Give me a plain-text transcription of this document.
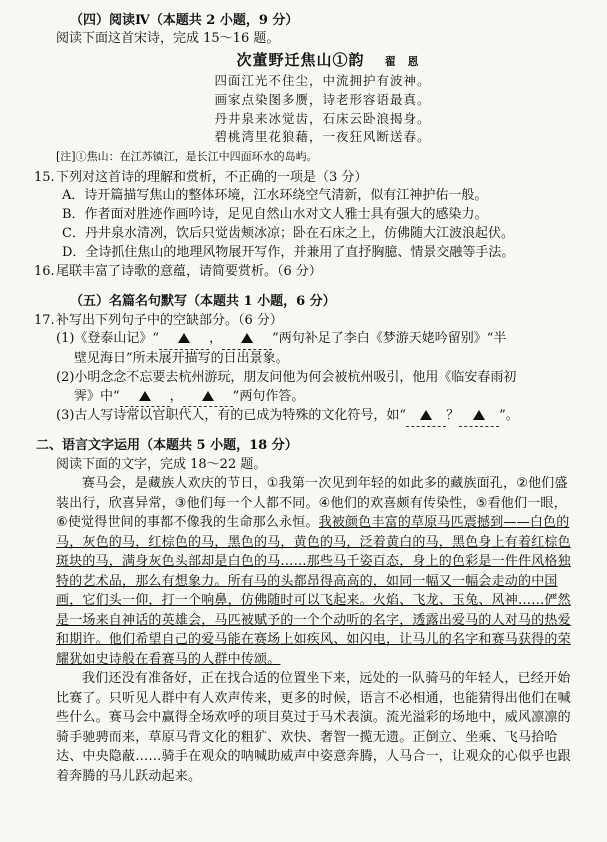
（四）阅读Ⅳ（本题共 2 小题，9 分）
阅读下面这首宋诗，完成 15～16 题。
次董野迁焦山①韵 翟 恩
四面江光不住尘，中流拥护有波神。
画家点染图多赝，诗老形容语最真。
丹井泉来冰觉齿，石床云卧浪揭身。
碧桃湾里花狼藉，一夜狂风断送春。
[注]①焦山：在江苏镇江，是长江中四面环水的岛屿。
15. 下列对这首诗的理解和赏析，不正确的一项是（3 分）
A．诗开篇描写焦山的整体环境，江水环绕空气清新，似有江神护佑一般。
B．作者面对胜迹作画吟诗，足见自然山水对文人雅士具有强大的感染力。
C．丹井泉水清冽，饮后只觉齿颊冰凉；卧在石床之上，仿佛随大江波浪起伏。
D．全诗抓住焦山的地理风物展开写作，并兼用了直抒胸臆、情景交融等手法。
16. 尾联丰富了诗歌的意蕴，请简要赏析。（6 分）
（五）名篇名句默写（本题共 1 小题，6 分）
17. 补写出下列句子中的空缺部分。（6 分）
(1)《登泰山记》“	，	”两句补足了李白《梦游天姥吟留别》“半
壁见海日”所未展开描写的日出景象。
(2)小明念念不忘要去杭州游玩，朋友问他为何会被杭州吸引，他用《临安春雨初
霁》中“	，	”两句作答。
(3)古人写诗常以官职代人，有的已成为特殊的文化符号，如“	？	”。
二、语言文字运用（本题共 5 小题，18 分）
阅读下面的文字，完成 18～22 题。
赛马会，是藏族人欢庆的节日，①我第一次见到年轻的如此多的藏族面孔，②他们盛装出行，欣喜异常，③他们每一个人都不同。④他们的欢喜颇有传染性，⑤看他们一眼，⑥使觉得世间的事都不像我的生命那么永恒。我被颜色丰富的草原马匹震撼到——白色的马，灰色的马，红棕色的马，黑色的马，黄色的马，泛着黄白的马，黑色身上有着红棕色斑块的马，满身灰色头部却是白色的马……那些马千姿百态，身上的色彩是一件件风格独特的艺术品，那么有想象力。所有马的头都昂得高高的，如同一幅又一幅会走动的中国画，它们头一仰，打一个响鼻，仿佛随时可以飞起来。火焰、飞龙、玉兔、风神……俨然是一场来自神话的英雄会，马匹被赋予的一个个动听的名字，透露出爱马的人对马的热爱和期许。他们希望自己的爱马能在赛场上如疾风、如闪电，让马儿的名字和赛马获得的荣耀犹如史诗般在看赛马的人群中传颂。
我们还没有准备好，正在找合适的位置坐下来，远处的一队骑马的年轻人，已经开始比赛了。只听见人群中有人欢声传来，更多的时候，语言不必相通，也能猜得出他们在喊些什么。赛马会中赢得全场欢呼的项目莫过于马术表演。流光溢彩的场地中，威风凛凛的骑手驰骋而来，草原马背文化的粗犷、欢快、奢智一揽无遗。正倒立、坐乘、飞马拾哈达、中央隐蔽……骑手在观众的呐喊助威声中姿意奔腾，人马合一，让观众的心似乎也跟着奔腾的马儿跃动起来。
